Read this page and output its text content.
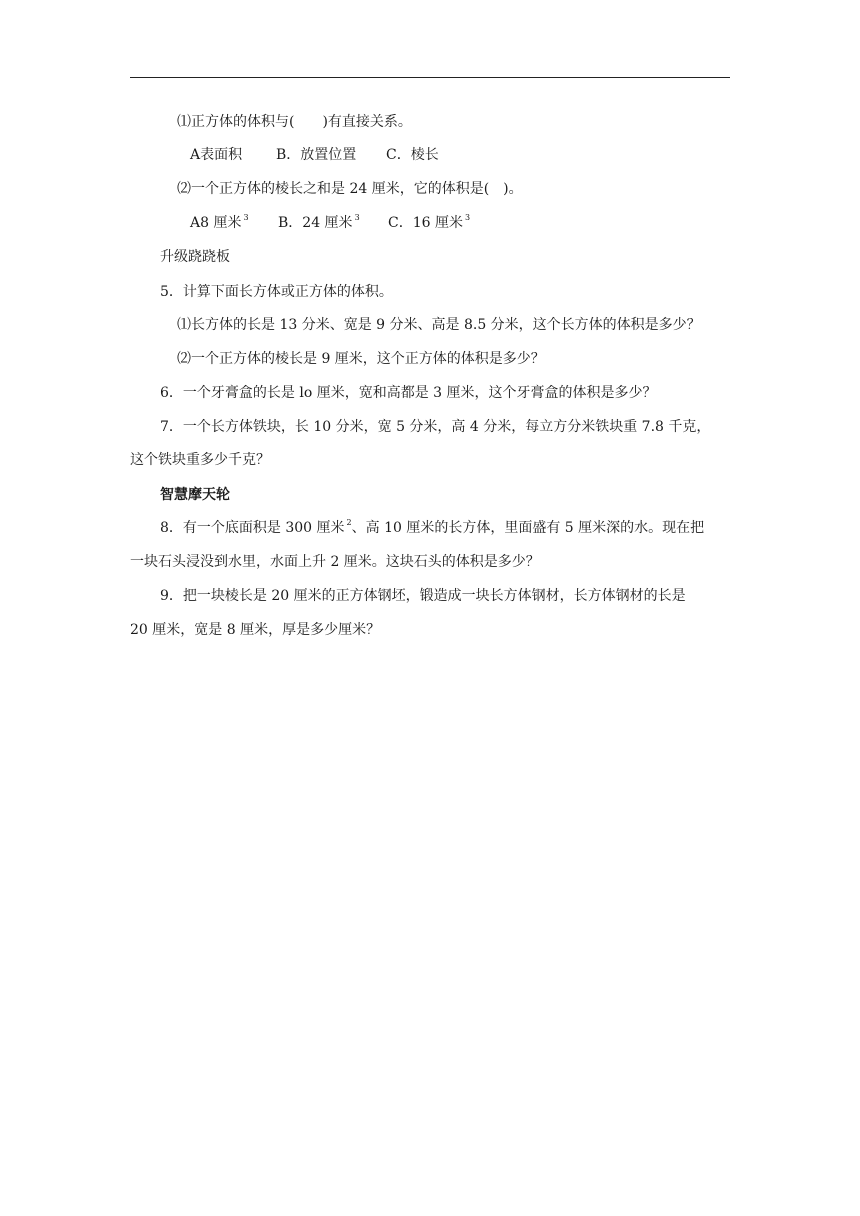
⑴正方体的体积与(　　)有直接关系。
A表面积 B．放置位置 C．棱长
⑵一个正方体的棱长之和是 24 厘米，它的体积是(　)。
A8 厘米 $^3$ B．24 厘米 $^3$ C．16 厘米 $^3$
升级跷跷板
5．计算下面长方体或正方体的体积。
⑴长方体的长是 13 分米、宽是 9 分米、高是 8.5 分米，这个长方体的体积是多少？
⑵一个正方体的棱长是 9 厘米，这个正方体的体积是多少？
6．一个牙膏盒的长是 lo 厘米，宽和高都是 3 厘米，这个牙膏盒的体积是多少？
7．一个长方体铁块，长 10 分米，宽 5 分米，高 4 分米，每立方分米铁块重 7.8 千克，
这个铁块重多少千克？
智慧摩天轮
8．有一个底面积是 300 厘米 $^2$、高 10 厘米的长方体，里面盛有 5 厘米深的水。现在把
一块石头浸没到水里，水面上升 2 厘米。这块石头的体积是多少？
9．把一块棱长是 20 厘米的正方体钢坯，锻造成一块长方体钢材，长方体钢材的长是
20 厘米，宽是 8 厘米，厚是多少厘米？
